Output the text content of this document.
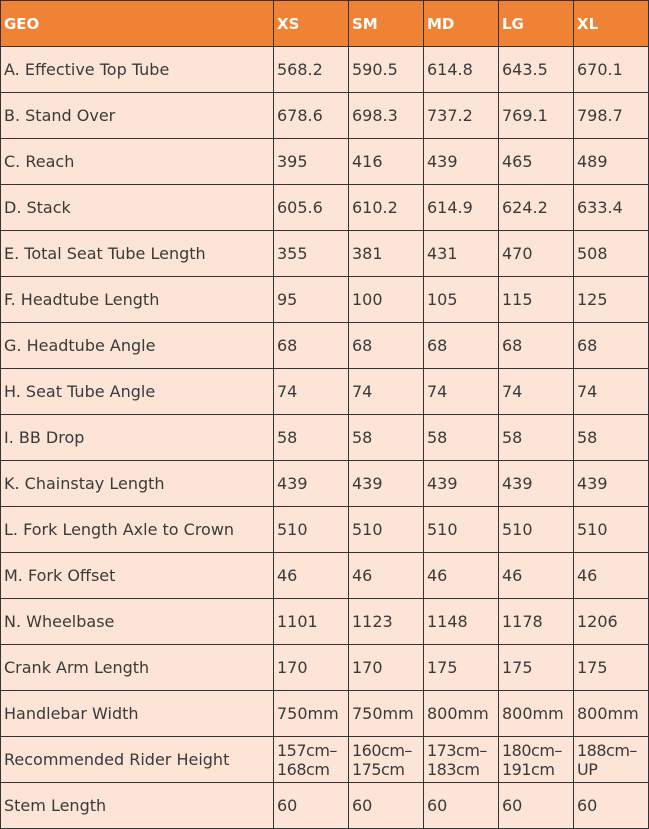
GEO	XS	SM	MD	LG	XL
A. Effective Top Tube	568.2	590.5	614.8	643.5	670.1
B. Stand Over	678.6	698.3	737.2	769.1	798.7
C. Reach	395	416	439	465	489
D. Stack	605.6	610.2	614.9	624.2	633.4
E. Total Seat Tube Length	355	381	431	470	508
F. Headtube Length	95	100	105	115	125
G. Headtube Angle	68	68	68	68	68
H. Seat Tube Angle	74	74	74	74	74
I. BB Drop	58	58	58	58	58
K. Chainstay Length	439	439	439	439	439
L. Fork Length Axle to Crown	510	510	510	510	510
M. Fork Offset	46	46	46	46	46
N. Wheelbase	1101	1123	1148	1178	1206
Crank Arm Length	170	170	175	175	175
Handlebar Width	750mm	750mm	800mm	800mm	800mm
Recommended Rider Height	157cm–168cm	160cm–175cm	173cm–183cm	180cm–191cm	188cm–UP
Stem Length	60	60	60	60	60
